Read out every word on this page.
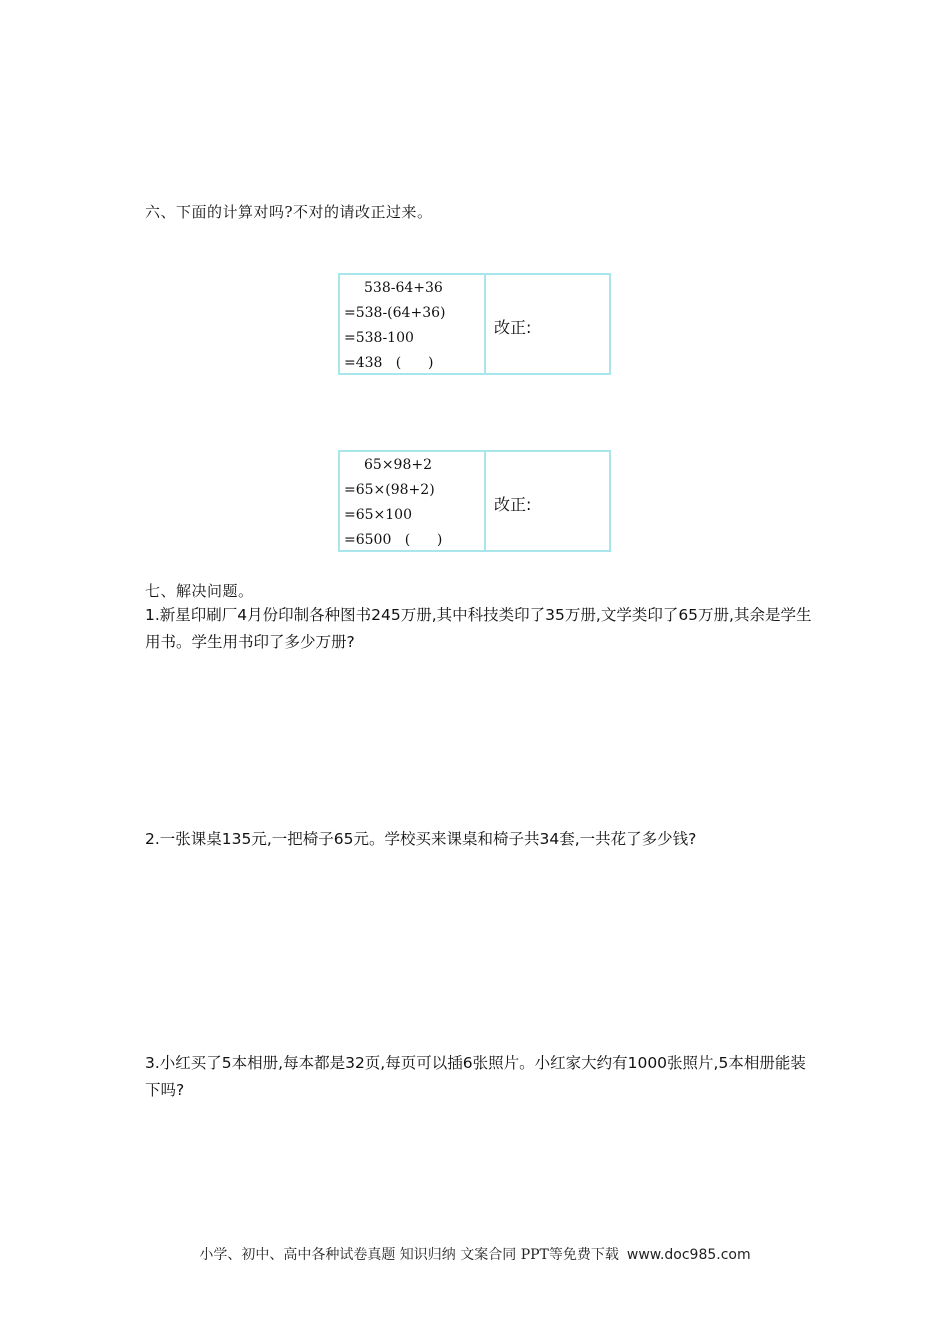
六、下面的计算对吗?不对的请改正过来。
538-64+36
=538-(64+36)
=538-100
=438   (      )
改正:
65×98+2
=65×(98+2)
=65×100
=6500   (      )
改正:
七、解决问题。
1.新星印刷厂4月份印制各种图书245万册,其中科技类印了35万册,文学类印了65万册,其余是学生用书。学生用书印了多少万册?
2.一张课桌135元,一把椅子65元。学校买来课桌和椅子共34套,一共花了多少钱?
3.小红买了5本相册,每本都是32页,每页可以插6张照片。小红家大约有1000张照片,5本相册能装下吗?
小学、初中、高中各种试卷真题 知识归纳 文案合同 PPT等免费下载 www.doc985.com
